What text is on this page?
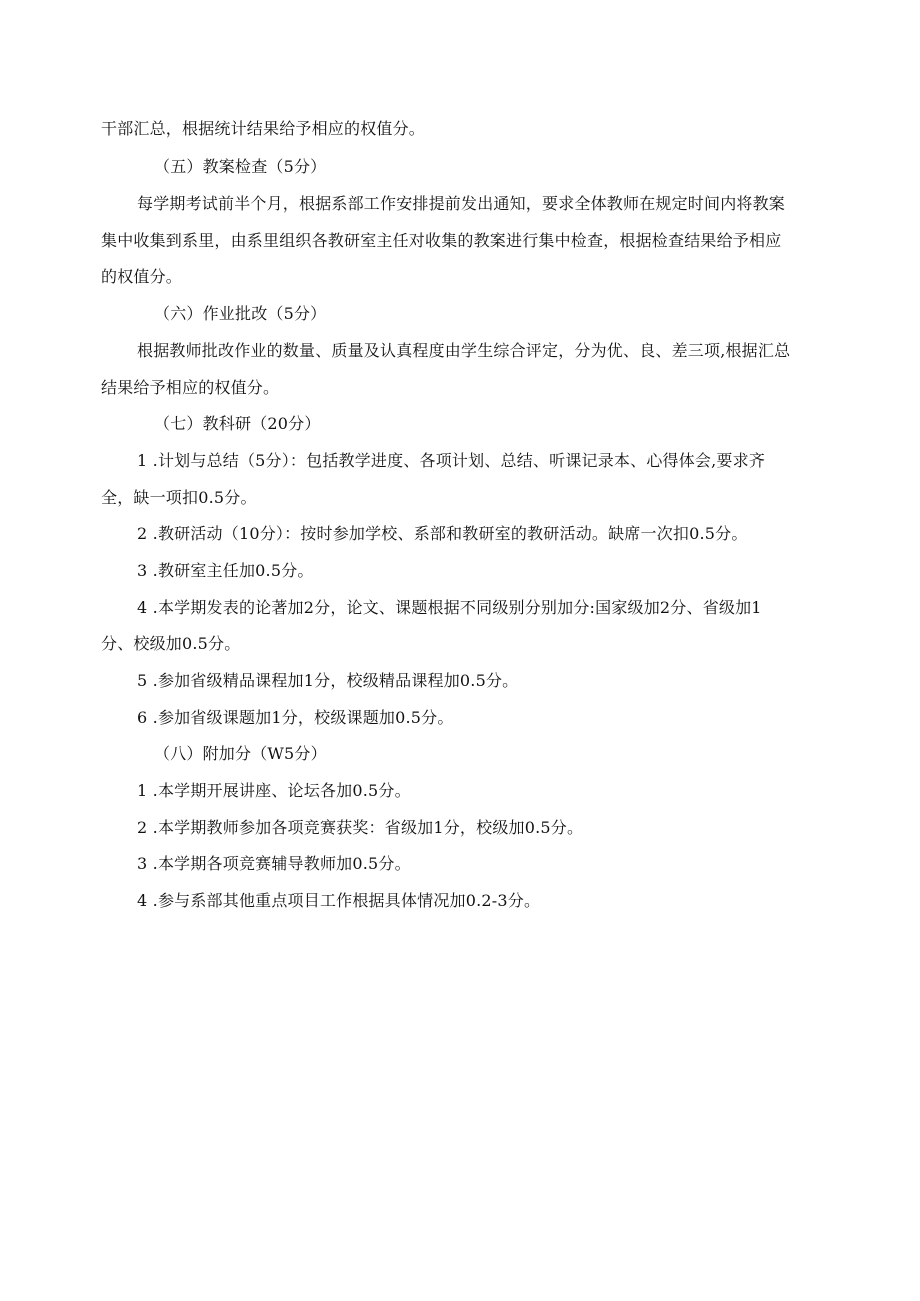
干部汇总，根据统计结果给予相应的权值分。
（五）教案检查（5分）
每学期考试前半个月，根据系部工作安排提前发出通知，要求全体教师在规定时间内将教案
集中收集到系里，由系里组织各教研室主任对收集的教案进行集中检查，根据检查结果给予相应
的权值分。
（六）作业批改（5分）
根据教师批改作业的数量、质量及认真程度由学生综合评定，分为优、良、差三项,根据汇总
结果给予相应的权值分。
（七）教科研（20分）
1 .计划与总结（5分）：包括教学进度、各项计划、总结、听课记录本、心得体会,要求齐
全，缺一项扣0.5分。
2 .教研活动（10分）：按时参加学校、系部和教研室的教研活动。缺席一次扣0.5分。
3 .教研室主任加0.5分。
4 .本学期发表的论著加2分，论文、课题根据不同级别分别加分:国家级加2分、省级加1
分、校级加0.5分。
5 .参加省级精品课程加1分，校级精品课程加0.5分。
6 .参加省级课题加1分，校级课题加0.5分。
（八）附加分（W5分）
1 .本学期开展讲座、论坛各加0.5分。
2 .本学期教师参加各项竞赛获奖：省级加1分，校级加0.5分。
3 .本学期各项竞赛辅导教师加0.5分。
4 .参与系部其他重点项目工作根据具体情况加0.2-3分。
